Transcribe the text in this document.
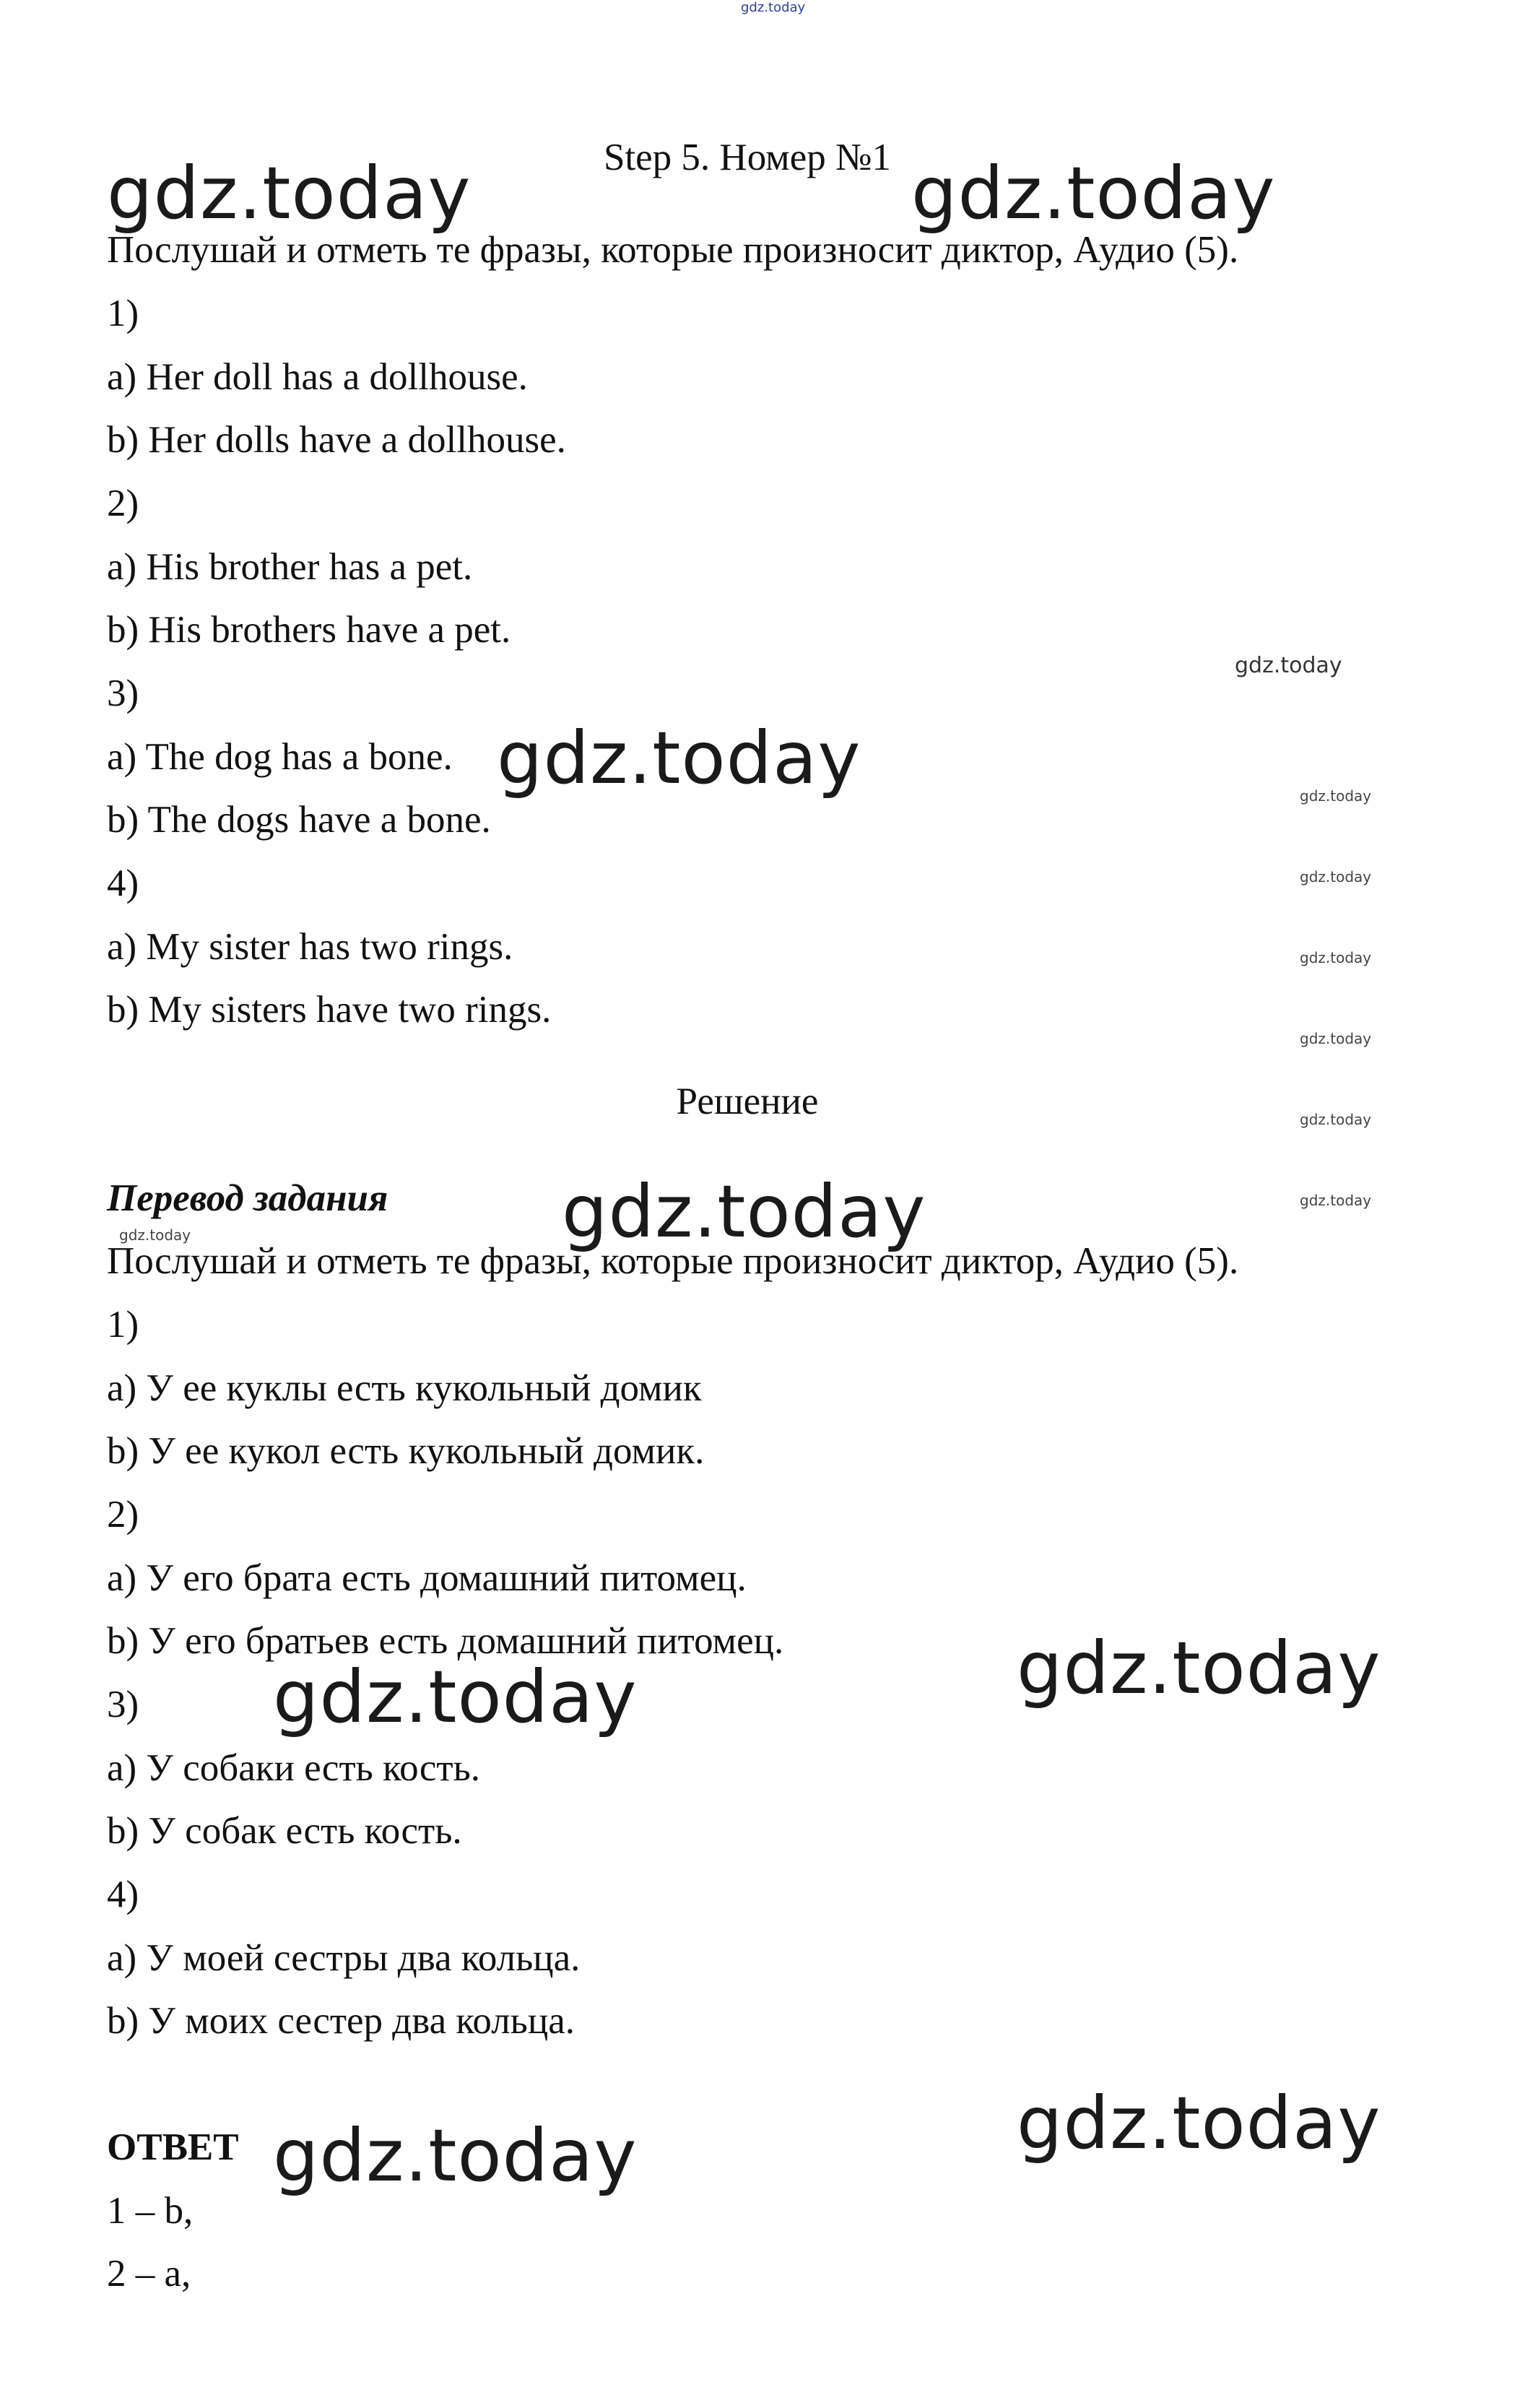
Step 5. Номер №1
Послушай и отметь те фразы, которые произносит диктор, Аудио (5).
1)
a) Her doll has a dollhouse.
b) Her dolls have a dollhouse.
2)
a) His brother has a pet.
b) His brothers have a pet.
3)
a) The dog has a bone.
b) The dogs have a bone.
4)
a) My sister has two rings.
b) My sisters have two rings.
Решение
Перевод задания
Послушай и отметь те фразы, которые произносит диктор, Аудио (5).
1)
a) У ее куклы есть кукольный домик
b) У ее кукол есть кукольный домик.
2)
a) У его брата есть домашний питомец.
b) У его братьев есть домашний питомец.
3)
a) У собаки есть кость.
b) У собак есть кость.
4)
a) У моей сестры два кольца.
b) У моих сестер два кольца.
ОТВЕТ
1 – b,
2 – a,
gdz.today
gdz.today	gdz.today
gdz.today
gdz.today	gdz.today
gdz.today
gdz.today
gdz.today
gdz.today
gdz.today
gdz.today
gdz.today
gdz.today
gdz.today
gdz.today
gdz.today
